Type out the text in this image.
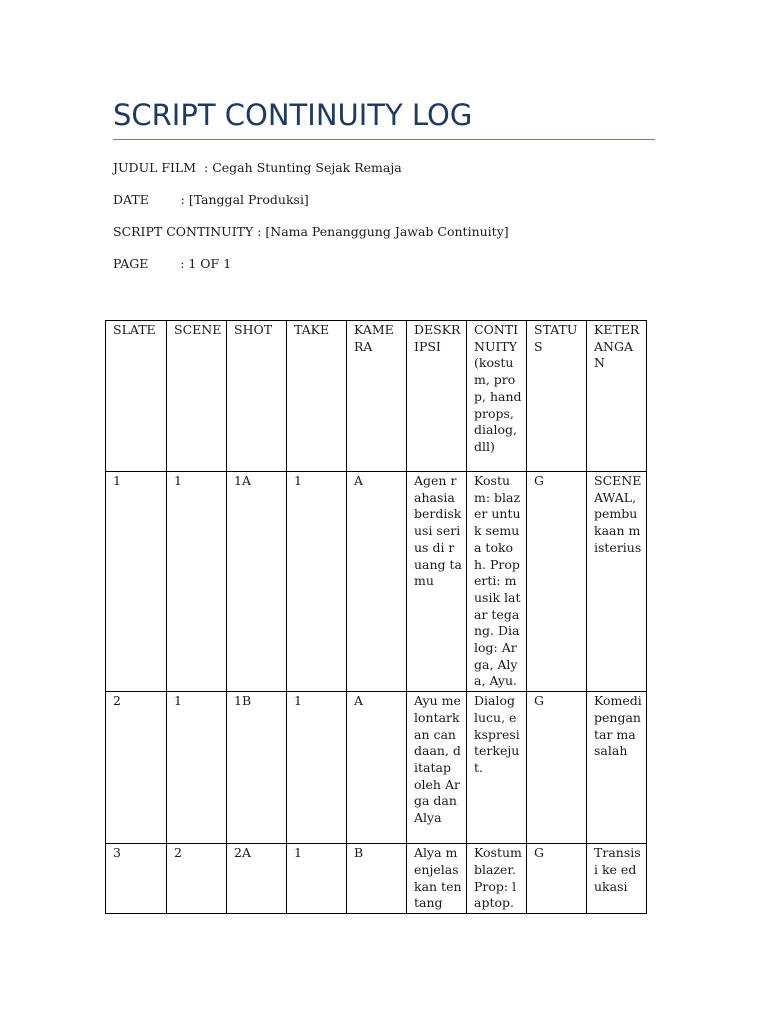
SCRIPT CONTINUITY LOG
JUDUL FILM  : Cegah Stunting Sejak Remaja
DATE        : [Tanggal Produksi]
SCRIPT CONTINUITY : [Nama Penanggung Jawab Continuity]
PAGE        : 1 OF 1
SLATE	SCENE	SHOT	TAKE	KAMERA	DESKRIPSI	CONTINUITY (kostum, prop, handprops, dialog, dll)	STATUS	KETERANGAN
1	1	1A	1	A	Agen rahasia berdiskusi serius di ruang tamu	Kostum: blazer untuk semua tokoh. Properti: musik latar tegang. Dialog: Arga, Alya, Ayu.	G	SCENE AWAL, pembukaan misterius
2	1	1B	1	A	Ayu melontarkan candaan, ditatap oleh Arga dan Alya	Dialog lucu, ekspresi terkejut.	G	Komedi pengantar masalah
3	2	2A	1	B	Alya menjelaskan tentang	Kostum blazer. Prop: laptop.	G	Transisi ke edukasi
